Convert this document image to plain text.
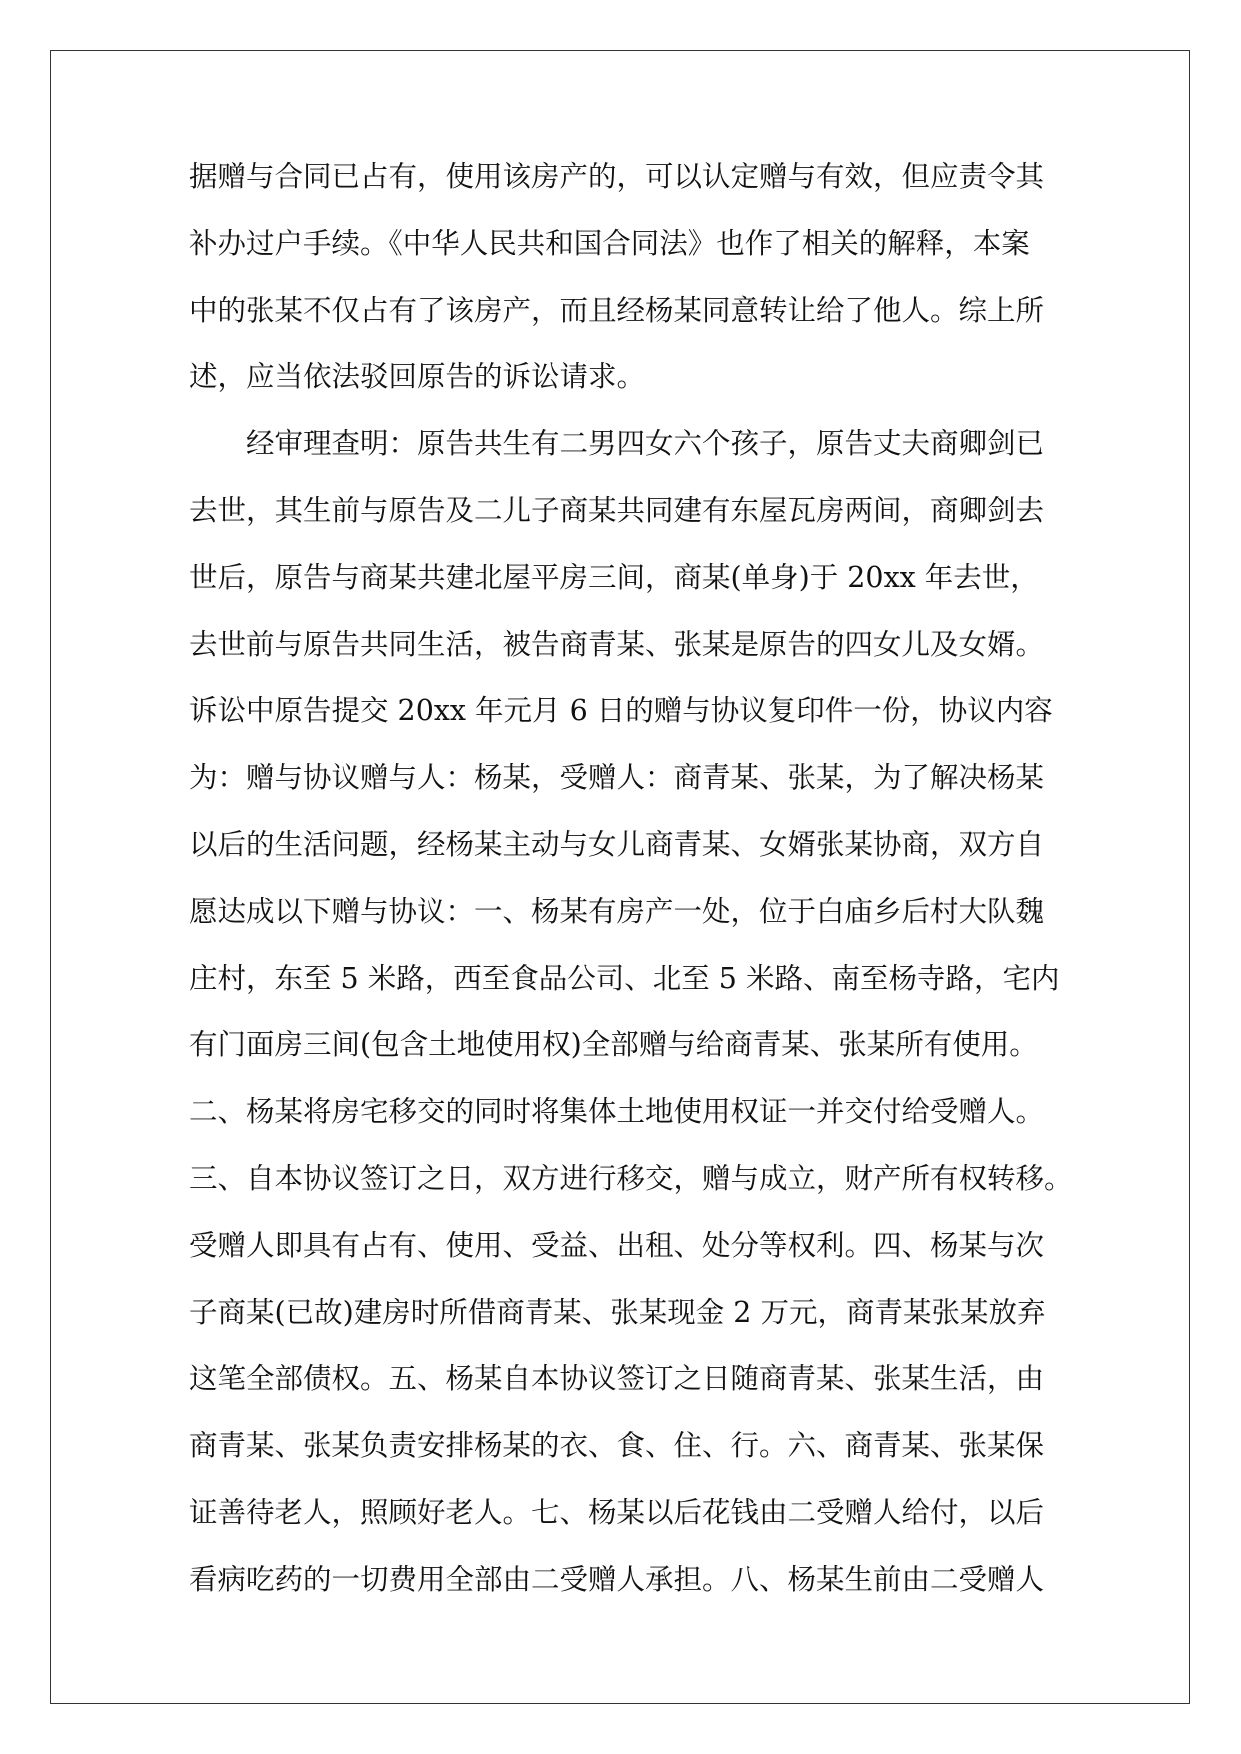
据赠与合同已占有，使用该房产的，可以认定赠与有效，但应责令其
补办过户手续。《中华人民共和国合同法》也作了相关的解释，本案
中的张某不仅占有了该房产，而且经杨某同意转让给了他人。综上所
述，应当依法驳回原告的诉讼请求。
　　经审理查明：原告共生有二男四女六个孩子，原告丈夫商卿剑已
去世，其生前与原告及二儿子商某共同建有东屋瓦房两间，商卿剑去
世后，原告与商某共建北屋平房三间，商某(单身)于 20xx 年去世，
去世前与原告共同生活，被告商青某、张某是原告的四女儿及女婿。
诉讼中原告提交 20xx 年元月 6 日的赠与协议复印件一份，协议内容
为：赠与协议赠与人：杨某，受赠人：商青某、张某，为了解决杨某
以后的生活问题，经杨某主动与女儿商青某、女婿张某协商，双方自
愿达成以下赠与协议：一、杨某有房产一处，位于白庙乡后村大队魏
庄村，东至 5 米路，西至食品公司、北至 5 米路、南至杨寺路，宅内
有门面房三间(包含土地使用权)全部赠与给商青某、张某所有使用。
二、杨某将房宅移交的同时将集体土地使用权证一并交付给受赠人。
三、自本协议签订之日，双方进行移交，赠与成立，财产所有权转移。
受赠人即具有占有、使用、受益、出租、处分等权利。四、杨某与次
子商某(已故)建房时所借商青某、张某现金 2 万元，商青某张某放弃
这笔全部债权。五、杨某自本协议签订之日随商青某、张某生活，由
商青某、张某负责安排杨某的衣、食、住、行。六、商青某、张某保
证善待老人，照顾好老人。七、杨某以后花钱由二受赠人给付，以后
看病吃药的一切费用全部由二受赠人承担。八、杨某生前由二受赠人
